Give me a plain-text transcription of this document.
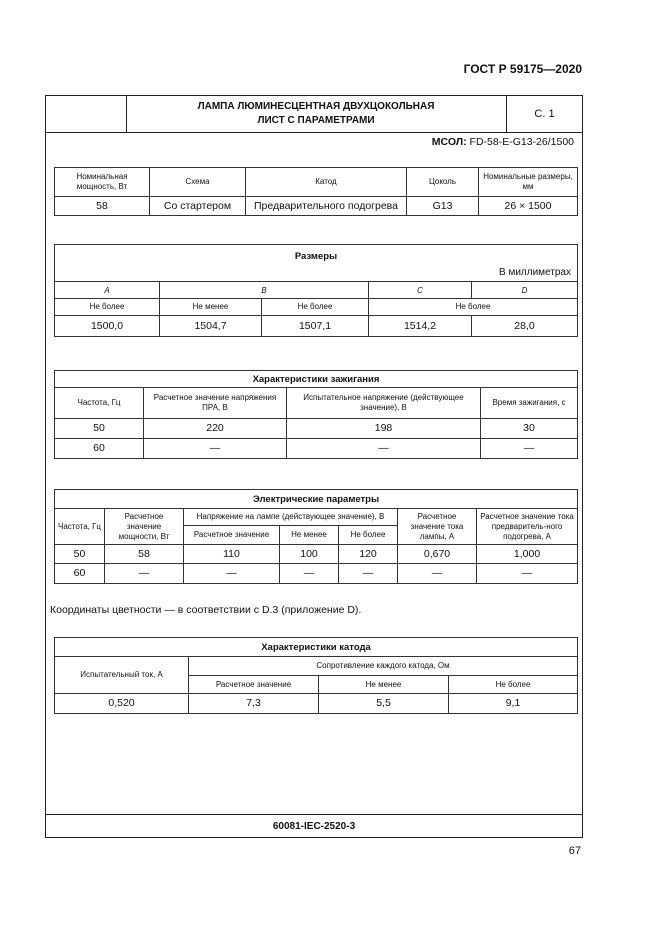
ГОСТ Р 59175—2020
ЛАМПА ЛЮМИНЕСЦЕНТНАЯ ДВУХЦОКОЛЬНАЯ
ЛИСТ С ПАРАМЕТРАМИ
С. 1
МСОЛ: FD-58-E-G13-26/1500
60081-IEC-2520-3
Номинальная мощность, Вт	Схема	Катод	Цоколь	Номинальные размеры, мм
58	Со стартером	Предварительного подогрева	G13	26 × 1500
Размеры
В миллиметрах				

A	B		C	D
Не более	Не менее	Не более	Не более	
1500,0	1504,7	1507,1	1514,2	28,0
Характеристики зажигания			
Частота, Гц	Расчетное значение напряжения ПРА, В	Испытательное напряжение (действующее значение), В	Время зажигания, с
50	220	198	30
60	—	—	—
Электрические параметры						
Частота, Гц	Расчетное значение мощности, Вт	Напряжение на лампе (действующее значение), В			Расчетное значение тока лампы, А	Расчетное значение тока предваритель-ного подогрева, А
		Расчетное значение	Не менее	Не более		
50	58	110	100	120	0,670	1,000
60	—	—	—	—	—	—
Координаты цветности — в соответствии с D.3 (приложение D).
Характеристики катода			
Испытательный ток, А	Сопротивление каждого катода, Ом		
	Расчетное значение	Не менее	Не более
0,520	7,3	5,5	9,1
67
